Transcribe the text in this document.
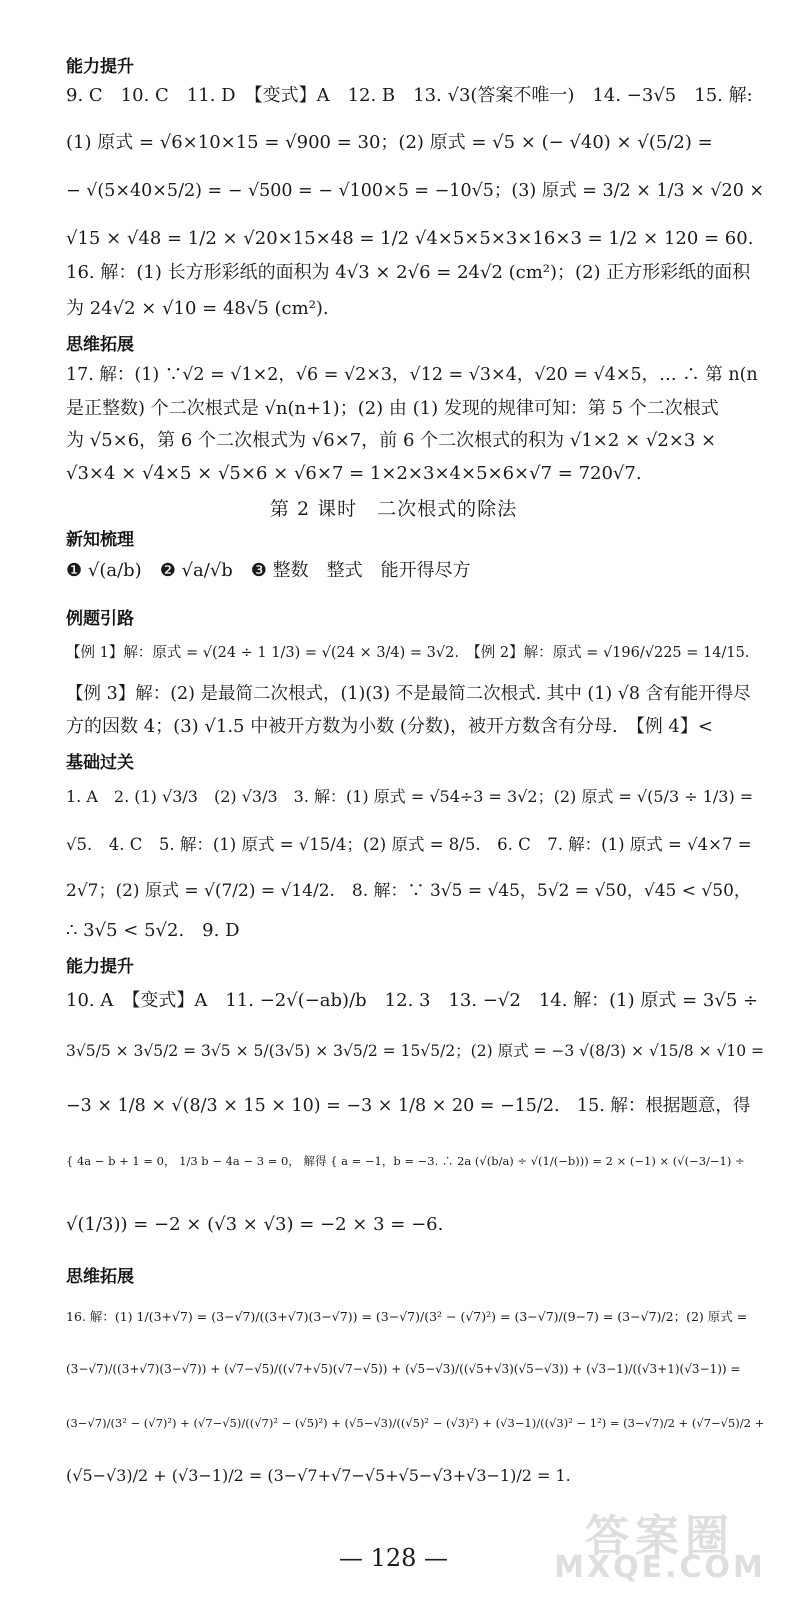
能力提升
9. C　10. C　11. D　【变式】A　12. B　13. √3(答案不唯一)　14. −3√5　15. 解:
(1) 原式 = √6×10×15 = √900 = 30；(2) 原式 = √5 × (− √40) × √(5/2) =
− √(5×40×5/2) = − √500 = − √100×5 = −10√5；(3) 原式 = 3/2 × 1/3 × √20 ×
√15 × √48 = 1/2 × √20×15×48 = 1/2 √4×5×5×3×16×3 = 1/2 × 120 = 60.
16. 解：(1) 长方形彩纸的面积为 4√3 × 2√6 = 24√2 (cm²)；(2) 正方形彩纸的面积
为 24√2 × √10 = 48√5 (cm²).
思维拓展
17. 解：(1) ∵√2 = √1×2，√6 = √2×3，√12 = √3×4，√20 = √4×5，… ∴ 第 n(n
是正整数) 个二次根式是 √n(n+1)；(2) 由 (1) 发现的规律可知：第 5 个二次根式
为 √5×6，第 6 个二次根式为 √6×7，前 6 个二次根式的积为 √1×2 × √2×3 ×
√3×4 × √4×5 × √5×6 × √6×7 = 1×2×3×4×5×6×√7 = 720√7.
第 2 课时　二次根式的除法
新知梳理
❶ √(a/b)　❷ √a/√b　❸ 整数　整式　能开得尽方
例题引路
【例 1】解：原式 = √(24 ÷ 1 1/3) = √(24 × 3/4) = 3√2.　【例 2】解：原式 = √196/√225 = 14/15.
【例 3】解：(2) 是最简二次根式，(1)(3) 不是最简二次根式. 其中 (1) √8 含有能开得尽
方的因数 4；(3) √1.5 中被开方数为小数 (分数)，被开方数含有分母.　【例 4】<
基础过关
1. A　2. (1) √3/3　(2) √3/3　3. 解：(1) 原式 = √54÷3 = 3√2；(2) 原式 = √(5/3 ÷ 1/3) =
√5.　4. C　5. 解：(1) 原式 = √15/4；(2) 原式 = 8/5.　6. C　7. 解：(1) 原式 = √4×7 =
2√7；(2) 原式 = √(7/2) = √14/2.　8. 解：∵ 3√5 = √45，5√2 = √50，√45 < √50，
∴ 3√5 < 5√2.　9. D
能力提升
10. A　【变式】A　11. −2√(−ab)/b　12. 3　13. −√2　14. 解：(1) 原式 = 3√5 ÷
3√5/5 × 3√5/2 = 3√5 × 5/(3√5) × 3√5/2 = 15√5/2；(2) 原式 = −3 √(8/3) × √15/8 × √10 =
−3 × 1/8 × √(8/3 × 15 × 10) = −3 × 1/8 × 20 = −15/2.　15. 解：根据题意，得
{ 4a − b + 1 = 0， 1/3 b − 4a − 3 = 0， 解得 { a = −1，b = −3. ∴ 2a (√(b/a) ÷ √(1/(−b))) = 2 × (−1) × (√(−3/−1) ÷
√(1/3)) = −2 × (√3 × √3) = −2 × 3 = −6.
思维拓展
16. 解：(1) 1/(3+√7) = (3−√7)/((3+√7)(3−√7)) = (3−√7)/(3² − (√7)²) = (3−√7)/(9−7) = (3−√7)/2；(2) 原式 =
(3−√7)/((3+√7)(3−√7)) + (√7−√5)/((√7+√5)(√7−√5)) + (√5−√3)/((√5+√3)(√5−√3)) + (√3−1)/((√3+1)(√3−1)) =
(3−√7)/(3² − (√7)²) + (√7−√5)/((√7)² − (√5)²) + (√5−√3)/((√5)² − (√3)²) + (√3−1)/((√3)² − 1²) = (3−√7)/2 + (√7−√5)/2 +
(√5−√3)/2 + (√3−1)/2 = (3−√7+√7−√5+√5−√3+√3−1)/2 = 1.
— 128 —	答案圈
MXQE.COM
